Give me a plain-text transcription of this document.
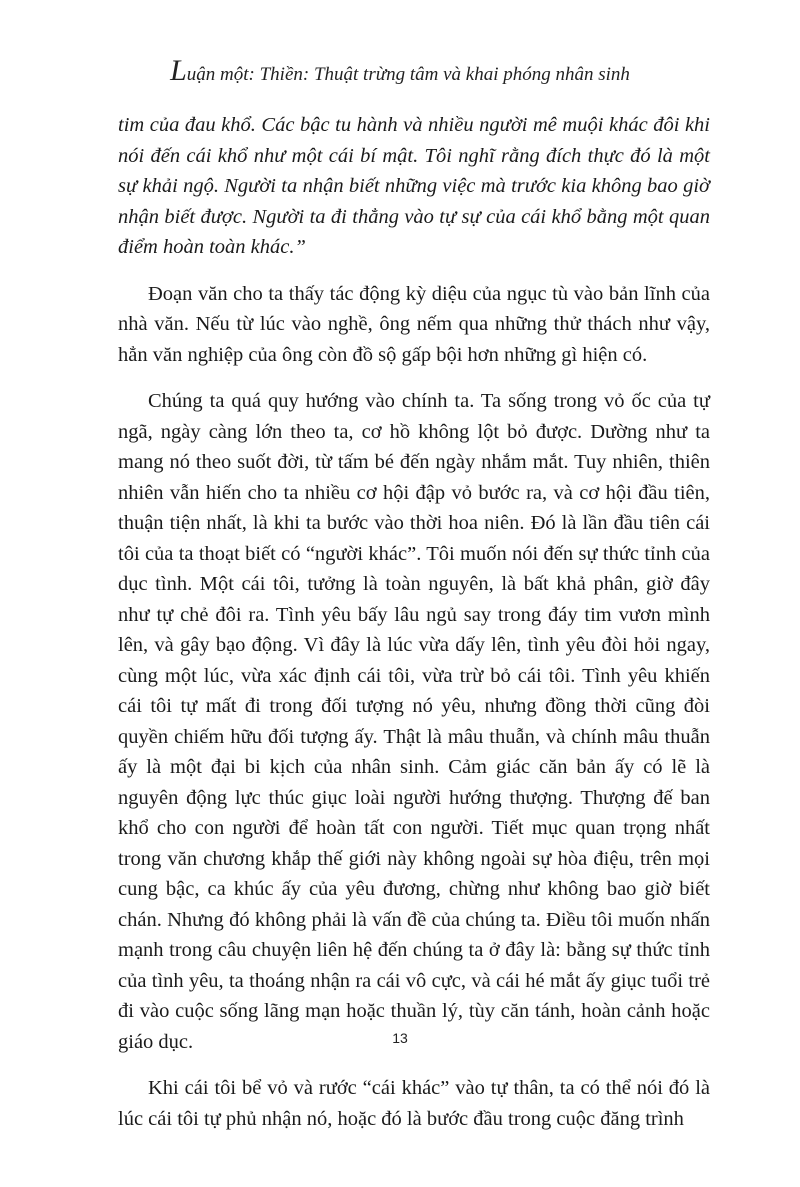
Luận một: Thiền: Thuật trừng tâm và khai phóng nhân sinh

tim của đau khổ. Các bậc tu hành và nhiều người mê muội khác đôi khi nói đến cái khổ như một cái bí mật. Tôi nghĩ rằng đích thực đó là một sự khải ngộ. Người ta nhận biết những việc mà trước kia không bao giờ nhận biết được. Người ta đi thẳng vào tự sự của cái khổ bằng một quan điểm hoàn toàn khác.”

Đoạn văn cho ta thấy tác động kỳ diệu của ngục tù vào bản lĩnh của nhà văn. Nếu từ lúc vào nghề, ông nếm qua những thử thách như vậy, hẳn văn nghiệp của ông còn đồ sộ gấp bội hơn những gì hiện có.

Chúng ta quá quy hướng vào chính ta. Ta sống trong vỏ ốc của tự ngã, ngày càng lớn theo ta, cơ hồ không lột bỏ được. Dường như ta mang nó theo suốt đời, từ tấm bé đến ngày nhắm mắt. Tuy nhiên, thiên nhiên vẫn hiến cho ta nhiều cơ hội đập vỏ bước ra, và cơ hội đầu tiên, thuận tiện nhất, là khi ta bước vào thời hoa niên. Đó là lần đầu tiên cái tôi của ta thoạt biết có “người khác”. Tôi muốn nói đến sự thức tỉnh của dục tình. Một cái tôi, tưởng là toàn nguyên, là bất khả phân, giờ đây như tự chẻ đôi ra. Tình yêu bấy lâu ngủ say trong đáy tim vươn mình lên, và gây bạo động. Vì đây là lúc vừa dấy lên, tình yêu đòi hỏi ngay, cùng một lúc, vừa xác định cái tôi, vừa trừ bỏ cái tôi. Tình yêu khiến cái tôi tự mất đi trong đối tượng nó yêu, nhưng đồng thời cũng đòi quyền chiếm hữu đối tượng ấy. Thật là mâu thuẫn, và chính mâu thuẫn ấy là một đại bi kịch của nhân sinh. Cảm giác căn bản ấy có lẽ là nguyên động lực thúc giục loài người hướng thượng. Thượng đế ban khổ cho con người để hoàn tất con người. Tiết mục quan trọng nhất trong văn chương khắp thế giới này không ngoài sự hòa điệu, trên mọi cung bậc, ca khúc ấy của yêu đương, chừng như không bao giờ biết chán. Nhưng đó không phải là vấn đề của chúng ta. Điều tôi muốn nhấn mạnh trong câu chuyện liên hệ đến chúng ta ở đây là: bằng sự thức tỉnh của tình yêu, ta thoáng nhận ra cái vô cực, và cái hé mắt ấy giục tuổi trẻ đi vào cuộc sống lãng mạn hoặc thuần lý, tùy căn tánh, hoàn cảnh hoặc giáo dục.

Khi cái tôi bể vỏ và rước “cái khác” vào tự thân, ta có thể nói đó là lúc cái tôi tự phủ nhận nó, hoặc đó là bước đầu trong cuộc đăng trình

13
